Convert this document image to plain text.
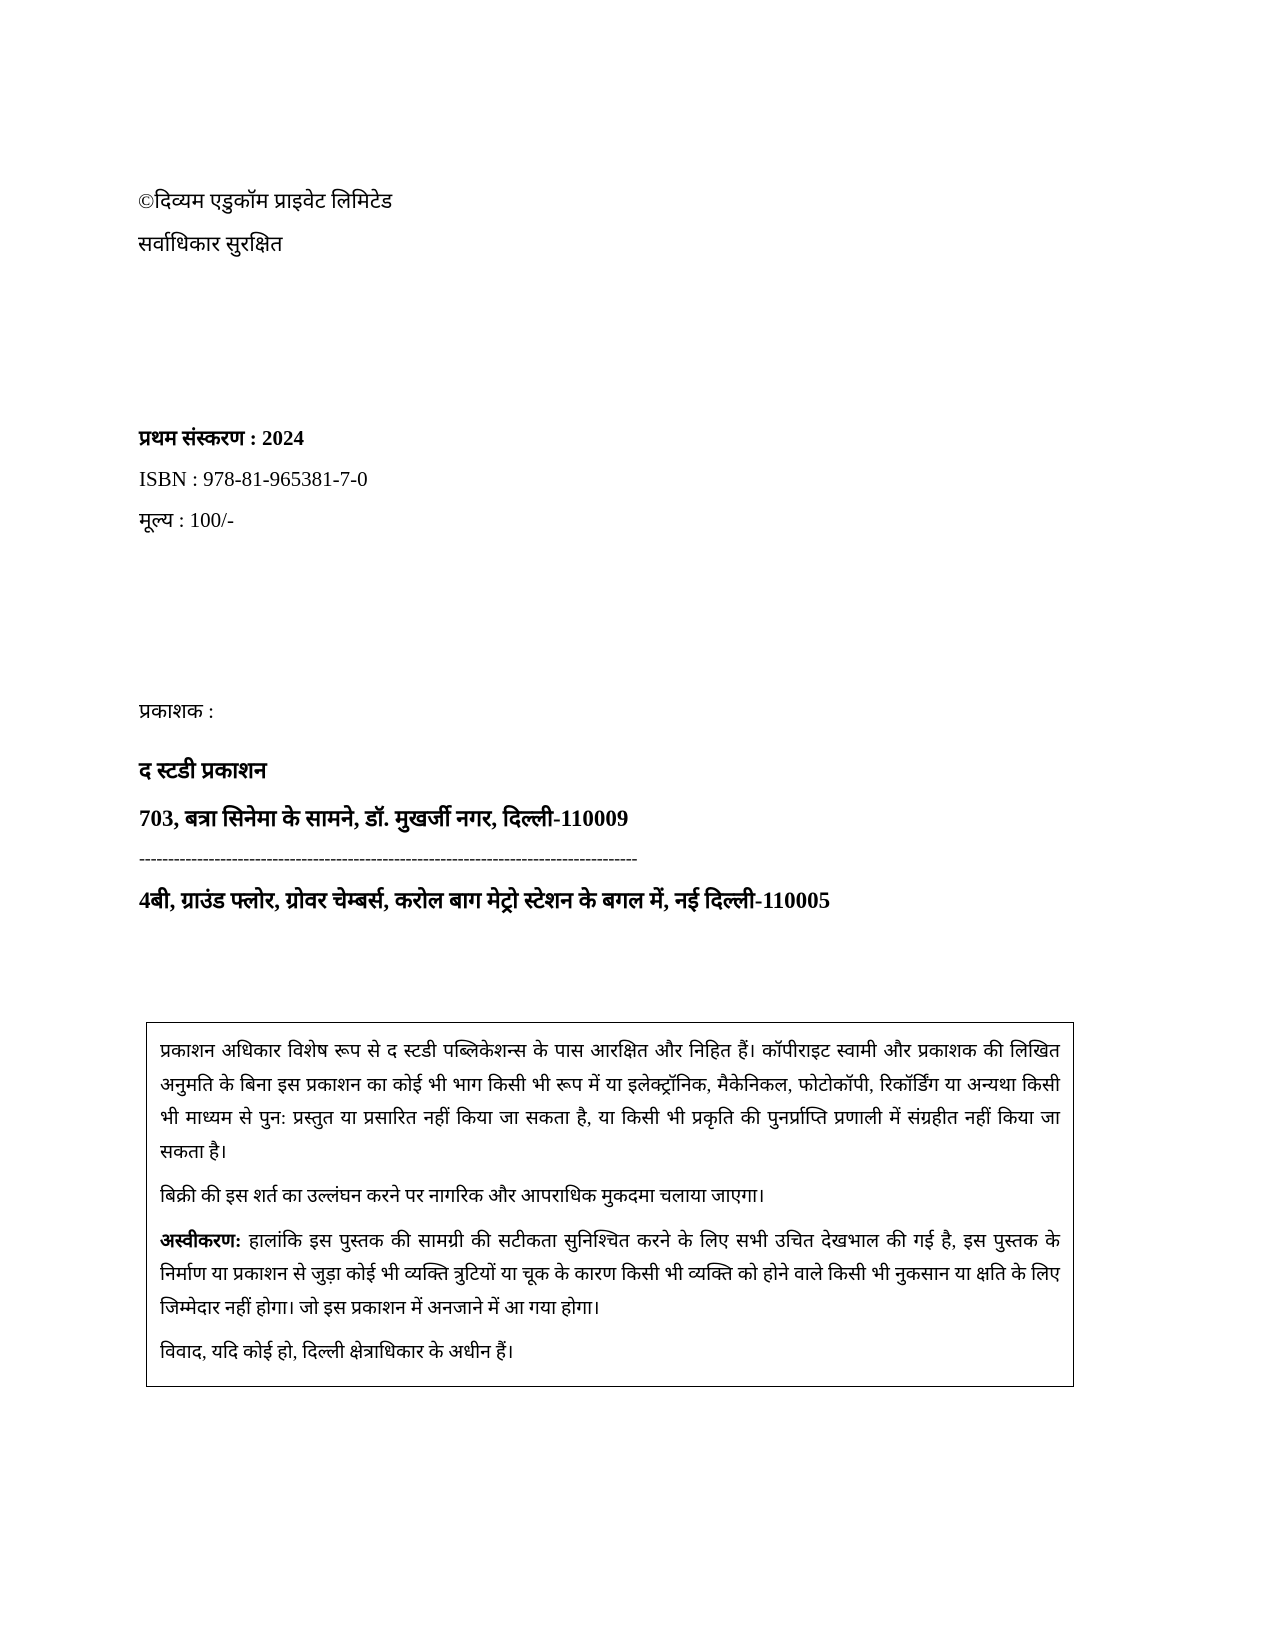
©दिव्यम एडुकॉम प्राइवेट लिमिटेड
सर्वाधिकार सुरक्षित
प्रथम संस्करण : 2024
ISBN : 978-81-965381-7-0
मूल्य : 100/-
प्रकाशक :
द स्टडी प्रकाशन
703, बत्रा सिनेमा के सामने, डॉ. मुखर्जी नगर, दिल्ली-110009
--------------------------------------------------------------------------------------
4बी, ग्राउंड फ्लोर, ग्रोवर चेम्बर्स, करोल बाग मेट्रो स्टेशन के बगल में, नई दिल्ली-110005

प्रकाशन अधिकार विशेष रूप से द स्टडी पब्लिकेशन्स के पास आरक्षित और निहित हैं। कॉपीराइट स्वामी और प्रकाशक की लिखित अनुमति के बिना इस प्रकाशन का कोई भी भाग किसी भी रूप में या इलेक्ट्रॉनिक, मैकेनिकल, फोटोकॉपी, रिकॉर्डिंग या अन्यथा किसी भी माध्यम से पुन: प्रस्तुत या प्रसारित नहीं किया जा सकता है, या किसी भी प्रकृति की पुनर्प्राप्ति प्रणाली में संग्रहीत नहीं किया जा सकता है।

बिक्री की इस शर्त का उल्लंघन करने पर नागरिक और आपराधिक मुकदमा चलाया जाएगा।

अस्वीकरण: हालांकि इस पुस्तक की सामग्री की सटीकता सुनिश्चित करने के लिए सभी उचित देखभाल की गई है, इस पुस्तक के निर्माण या प्रकाशन से जुड़ा कोई भी व्यक्ति त्रुटियों या चूक के कारण किसी भी व्यक्ति को होने वाले किसी भी नुकसान या क्षति के लिए जिम्मेदार नहीं होगा। जो इस प्रकाशन में अनजाने में आ गया होगा।

विवाद, यदि कोई हो, दिल्ली क्षेत्राधिकार के अधीन हैं।
